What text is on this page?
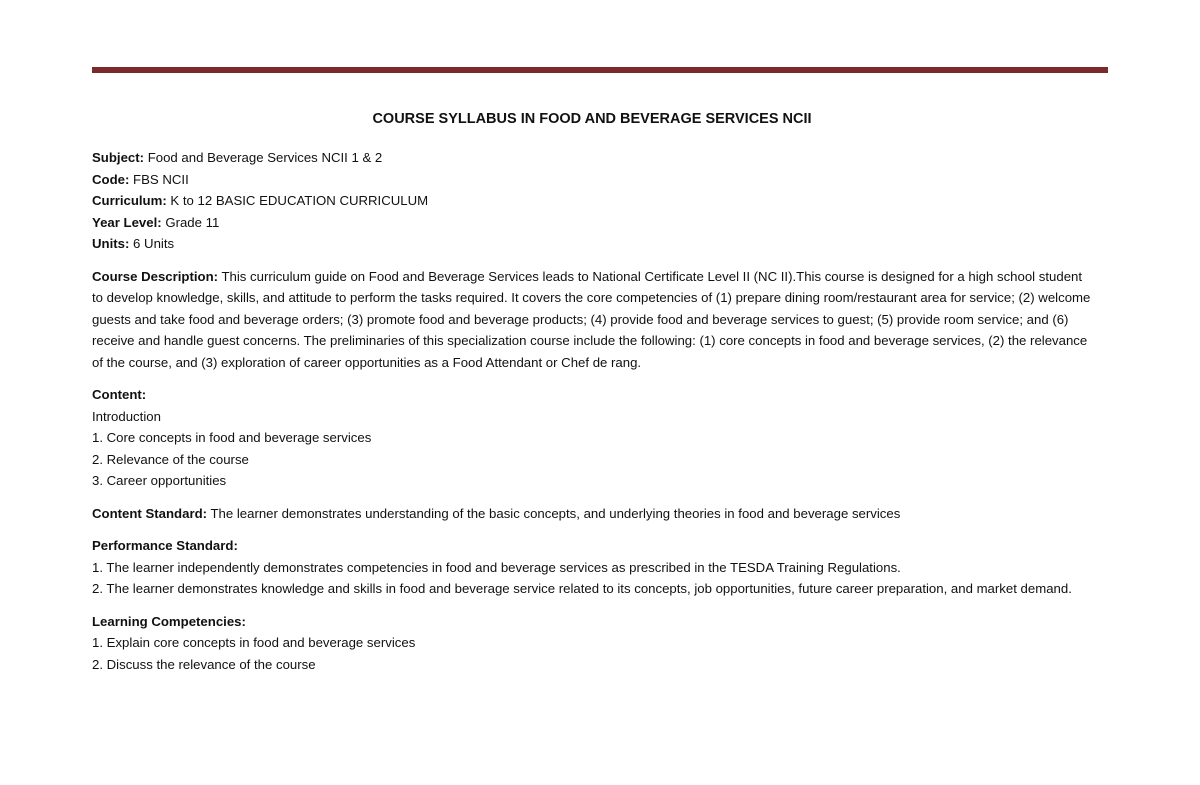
COURSE SYLLABUS IN FOOD AND BEVERAGE SERVICES NCII

Subject: Food and Beverage Services NCII 1 & 2

Code: FBS NCII

Curriculum: K to 12 BASIC EDUCATION CURRICULUM

Year Level: Grade 11

Units: 6 Units

Course Description: This curriculum guide on Food and Beverage Services leads to National Certificate Level II (NC II).This course is designed for a high school student to develop knowledge, skills, and attitude to perform the tasks required. It covers the core competencies of (1) prepare dining room/restaurant area for service; (2) welcome guests and take food and beverage orders; (3) promote food and beverage products; (4) provide food and beverage services to guest; (5) provide room service; and (6) receive and handle guest concerns. The preliminaries of this specialization course include the following: (1) core concepts in food and beverage services, (2) the relevance of the course, and (3) exploration of career opportunities as a Food Attendant or Chef de rang.

Content:

Introduction

1. Core concepts in food and beverage services

2. Relevance of the course

3. Career opportunities

Content Standard: The learner demonstrates understanding of the basic concepts, and underlying theories in food and beverage services

Performance Standard:

1. The learner independently demonstrates competencies in food and beverage services as prescribed in the TESDA Training Regulations.

2. The learner demonstrates knowledge and skills in food and beverage service related to its concepts, job opportunities, future career preparation, and market demand.

Learning Competencies:

1. Explain core concepts in food and beverage services

2. Discuss the relevance of the course
